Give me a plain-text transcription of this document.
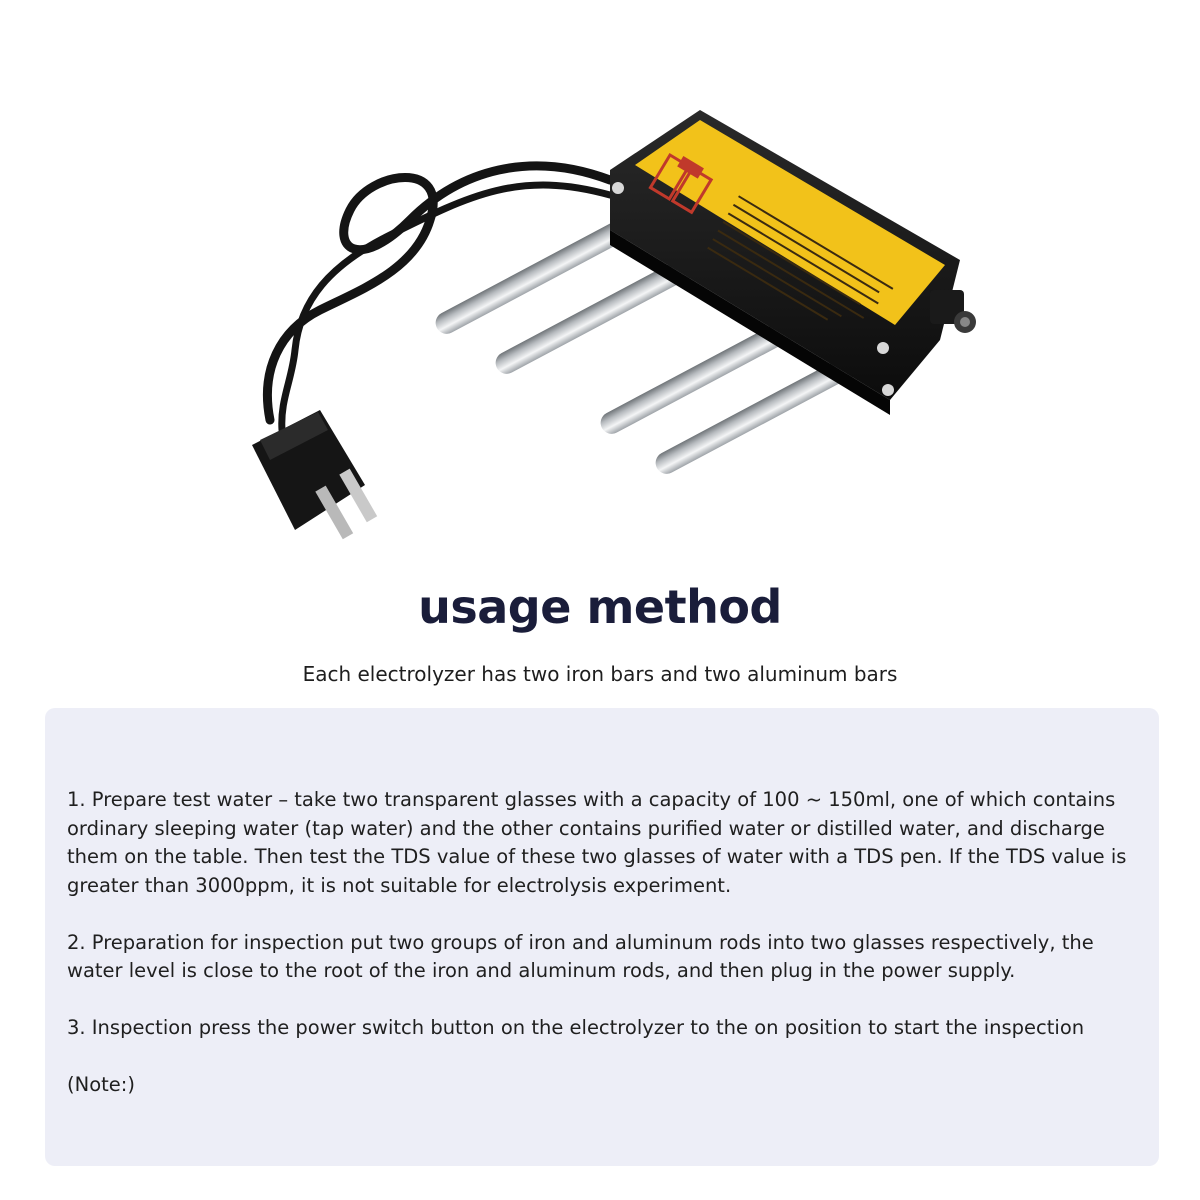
usage method
Each electrolyzer has two iron bars and two aluminum bars

1. Prepare test water – take two transparent glasses with a capacity of 100 ~ 150ml, one of which contains ordinary sleeping water (tap water) and the other contains purified water or distilled water, and discharge them on the table. Then test the TDS value of these two glasses of water with a TDS pen. If the TDS value is greater than 3000ppm, it is not suitable for electrolysis experiment.

2. Preparation for inspection put two groups of iron and aluminum rods into two glasses respectively, the water level is close to the root of the iron and aluminum rods, and then plug in the power supply.

3. Inspection press the power switch button on the electrolyzer to the on position to start the inspection

(Note:)
